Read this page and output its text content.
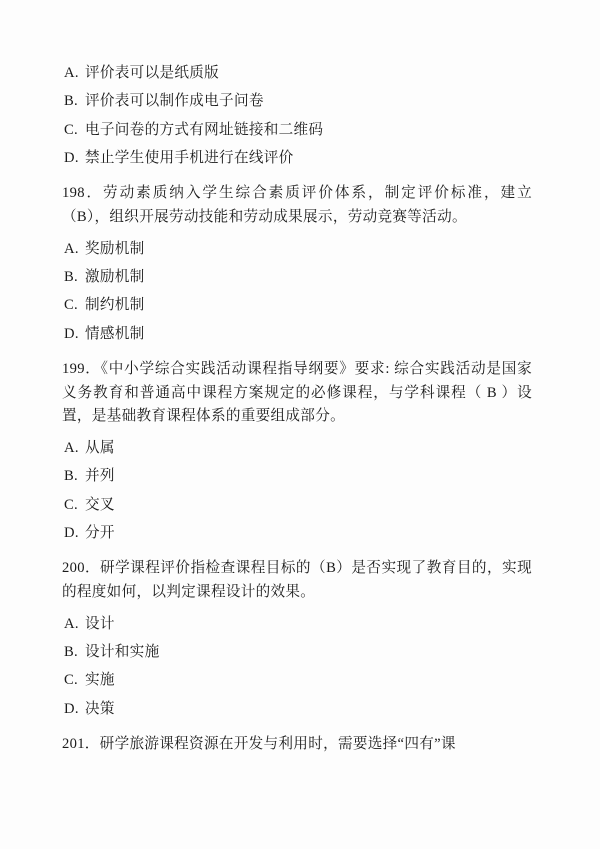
A. 评价表可以是纸质版
B. 评价表可以制作成电子问卷
C. 电子问卷的方式有网址链接和二维码
D. 禁止学生使用手机进行在线评价
198．劳动素质纳入学生综合素质评价体系，制定评价标准，建立（B），组织开展劳动技能和劳动成果展示，劳动竞赛等活动。
A. 奖励机制
B. 激励机制
C. 制约机制
D. 情感机制
199．《中小学综合实践活动课程指导纲要》要求: 综合实践活动是国家义务教育和普通高中课程方案规定的必修课程，与学科课程（ B ）设置，是基础教育课程体系的重要组成部分。
A. 从属
B. 并列
C. 交叉
D. 分开
200．研学课程评价指检查课程目标的（B）是否实现了教育目的，实现的程度如何，以判定课程设计的效果。
A. 设计
B. 设计和实施
C. 实施
D. 决策
201．研学旅游课程资源在开发与利用时，需要选择“四有”课
